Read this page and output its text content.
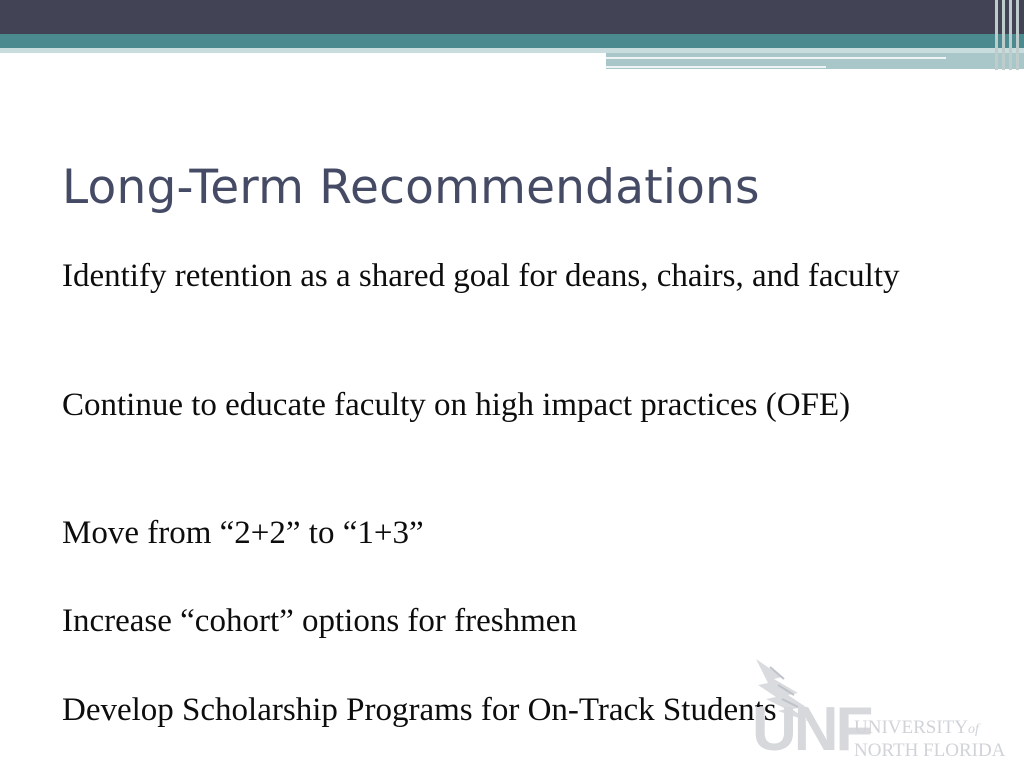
Long-Term Recommendations

Identify retention as a shared goal for deans, chairs, and faculty

Continue to educate faculty on high impact practices (OFE)

Move from “2+2” to “1+3”

Increase “cohort” options for freshmen

Develop Scholarship Programs for On-Track Students

UNF
UNIVERSITYof
NORTH FLORIDA
